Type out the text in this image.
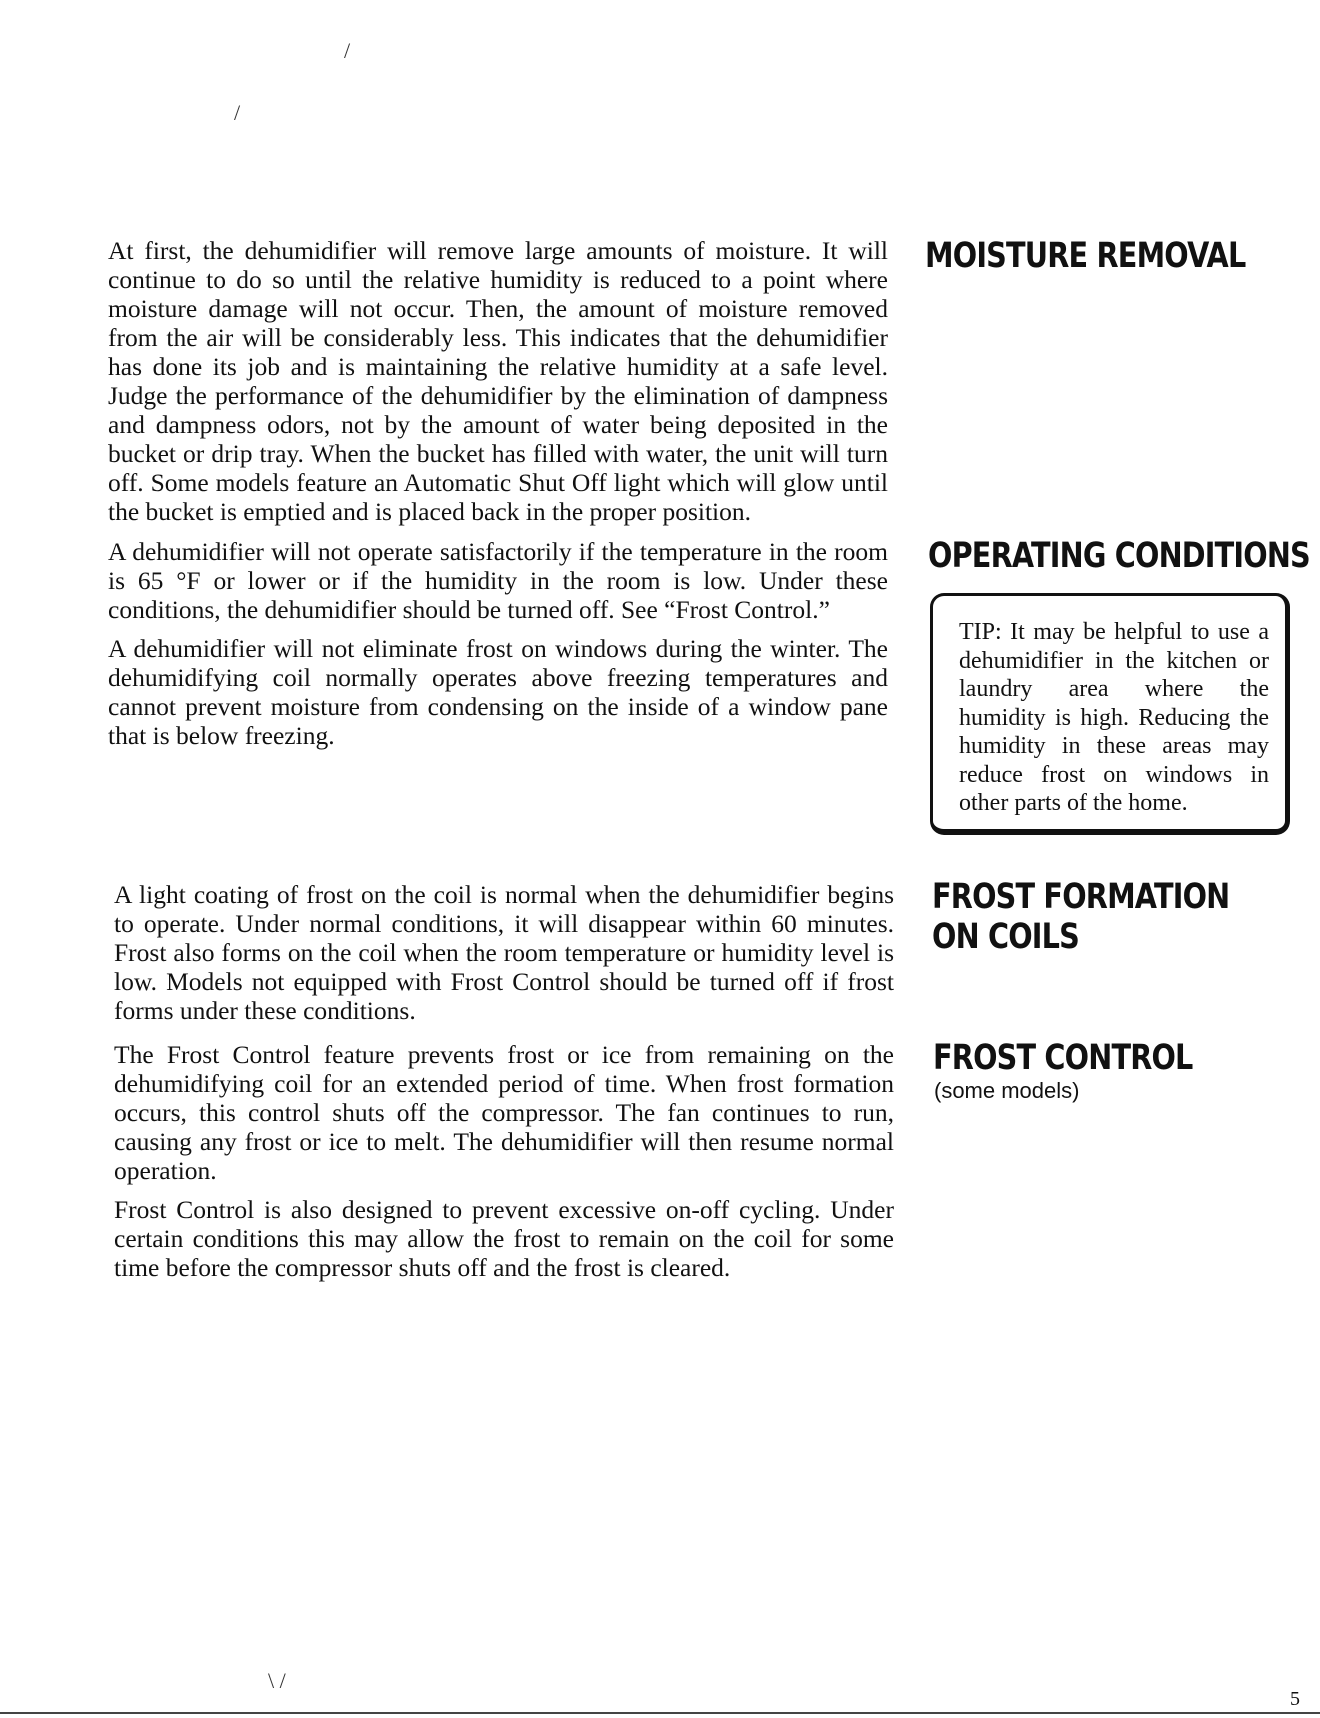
/
/
\ /

At first, the dehumidifier will remove large amounts of moisture. It will continue to do so until the relative humidity is reduced to a point where moisture damage will not occur. Then, the amount of moisture removed from the air will be considerably less. This indicates that the dehumidifier has done its job and is maintaining the relative humidity at a safe level. Judge the performance of the dehumidifier by the elimination of dampness and dampness odors, not by the amount of water being deposited in the bucket or drip tray. When the bucket has filled with water, the unit will turn off. Some models feature an Automatic Shut Off light which will glow until the bucket is emptied and is placed back in the proper position.

MOISTURE REMOVAL

A dehumidifier will not operate satisfactorily if the temperature in the room is 65 °F or lower or if the humidity in the room is low. Under these conditions, the dehumidifier should be turned off. See “Frost Control.”

A dehumidifier will not eliminate frost on windows during the winter. The dehumidifying coil normally operates above freezing temperatures and cannot prevent moisture from condensing on the inside of a window pane that is below freezing.

OPERATING CONDITIONS
TIP: It may be helpful to use a dehumidifier in the kitchen or laundry area where the humidity is high. Reducing the humidity in these areas may reduce frost on windows in other parts of the home.

A light coating of frost on the coil is normal when the dehumidifier begins to operate. Under normal conditions, it will disappear within 60 minutes. Frost also forms on the coil when the room temperature or humidity level is low. Models not equipped with Frost Control should be turned off if frost forms under these conditions.

FROST FORMATION
ON COILS

The Frost Control feature prevents frost or ice from remaining on the dehumidifying coil for an extended period of time. When frost formation occurs, this control shuts off the compressor. The fan continues to run, causing any frost or ice to melt. The dehumidifier will then resume normal operation.

Frost Control is also designed to prevent excessive on-off cycling. Under certain conditions this may allow the frost to remain on the coil for some time before the compressor shuts off and the frost is cleared.

FROST CONTROL
(some models)
5
